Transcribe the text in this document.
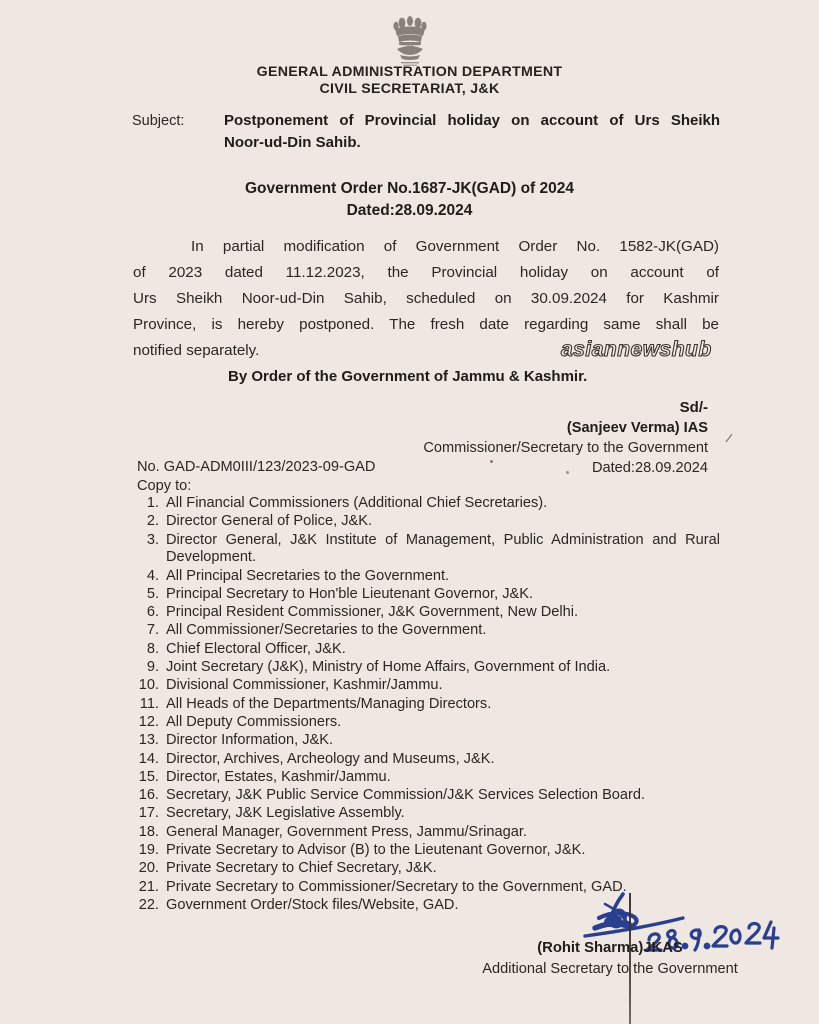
GENERAL ADMINISTRATION DEPARTMENT
CIVIL SECRETARIAT, J&K
Subject:	Postponement of Provincial holiday on account of Urs Sheikh
Noor-ud-Din Sahib.
Government Order No.1687-JK(GAD) of 2024
Dated:28.09.2024
In partial modification of Government Order No. 1582-JK(GAD)
of 2023 dated 11.12.2023, the Provincial holiday on account of
Urs Sheikh Noor-ud-Din Sahib, scheduled on 30.09.2024 for Kashmir
Province, is hereby postponed. The fresh date regarding same shall be
notified separately.	asiannewshub
By Order of the Government of Jammu & Kashmir.
Sd/-
(Sanjeev Verma) IAS
Commissioner/Secretary to the Government
Dated:28.09.2024
/
No. GAD-ADM0III/123/2023-09-GAD
Copy to:
1. All Financial Commissioners (Additional Chief Secretaries).
2. Director General of Police, J&K.
3. Director General, J&K Institute of Management, Public Administration and Rural Development.
4. All Principal Secretaries to the Government.
5. Principal Secretary to Hon'ble Lieutenant Governor, J&K.
6. Principal Resident Commissioner, J&K Government, New Delhi.
7. All Commissioner/Secretaries to the Government.
8. Chief Electoral Officer, J&K.
9. Joint Secretary (J&K), Ministry of Home Affairs, Government of India.
10. Divisional Commissioner, Kashmir/Jammu.
11. All Heads of the Departments/Managing Directors.
12. All Deputy Commissioners.
13. Director Information, J&K.
14. Director, Archives, Archeology and Museums, J&K.
15. Director, Estates, Kashmir/Jammu.
16. Secretary, J&K Public Service Commission/J&K Services Selection Board.
17. Secretary, J&K Legislative Assembly.
18. General Manager, Government Press, Jammu/Srinagar.
19. Private Secretary to Advisor (B) to the Lieutenant Governor, J&K.
20. Private Secretary to Chief Secretary, J&K.
21. Private Secretary to Commissioner/Secretary to the Government, GAD.
22. Government Order/Stock files/Website, GAD.
(Rohit Sharma)JKAS
Additional Secretary to the Government
